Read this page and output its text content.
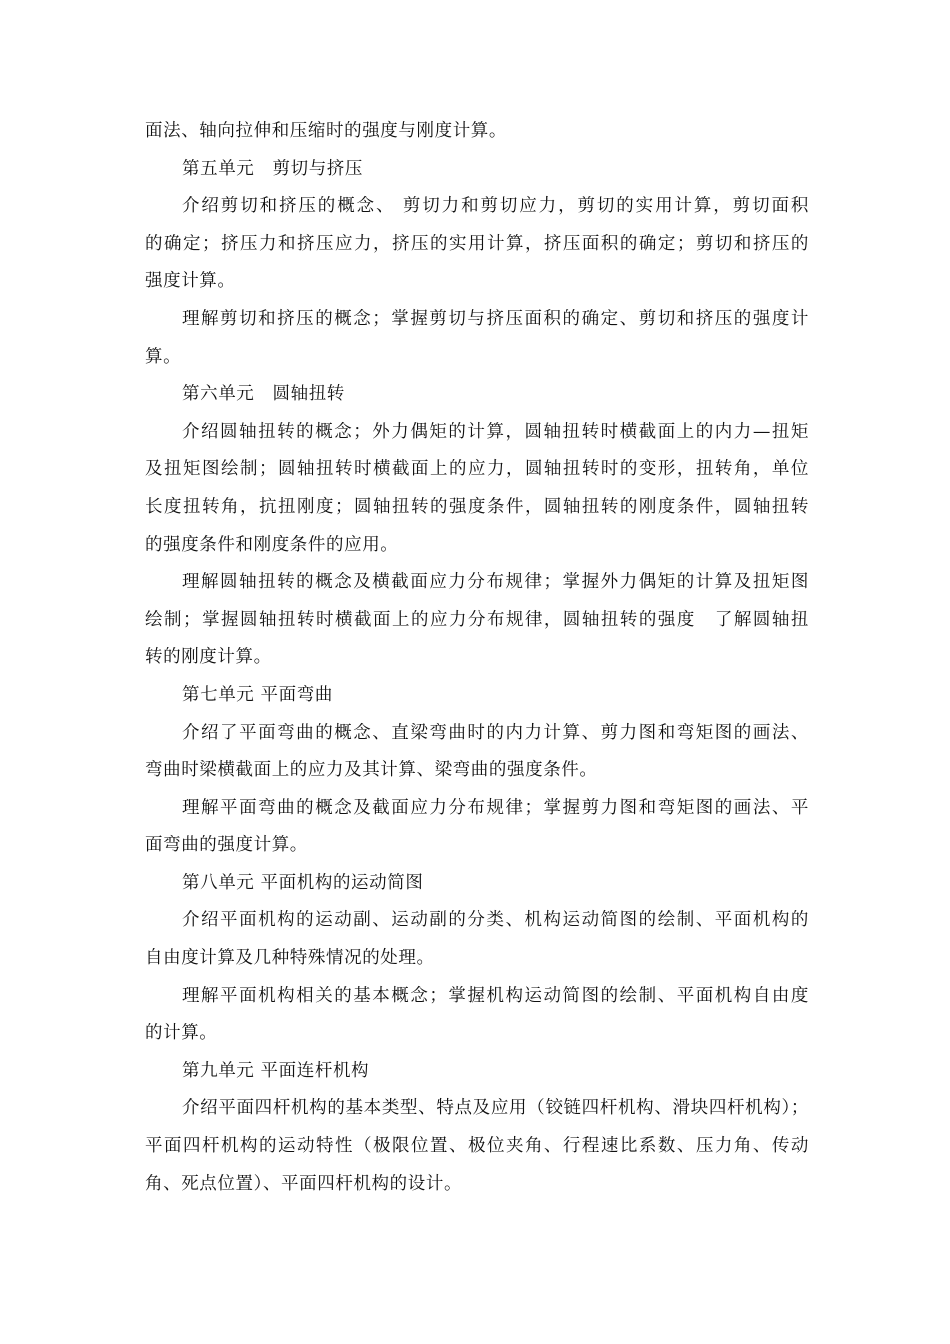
面法、轴向拉伸和压缩时的强度与刚度计算。
第五单元　剪切与挤压
介绍剪切和挤压的概念、 剪切力和剪切应力，剪切的实用计算，剪切面积
的确定；挤压力和挤压应力，挤压的实用计算，挤压面积的确定；剪切和挤压的
强度计算。
理解剪切和挤压的概念；掌握剪切与挤压面积的确定、剪切和挤压的强度计
算。
第六单元　圆轴扭转
介绍圆轴扭转的概念；外力偶矩的计算，圆轴扭转时横截面上的内力—扭矩
及扭矩图绘制；圆轴扭转时横截面上的应力，圆轴扭转时的变形，扭转角，单位
长度扭转角，抗扭刚度；圆轴扭转的强度条件，圆轴扭转的刚度条件，圆轴扭转
的强度条件和刚度条件的应用。
理解圆轴扭转的概念及横截面应力分布规律；掌握外力偶矩的计算及扭矩图
绘制；掌握圆轴扭转时横截面上的应力分布规律，圆轴扭转的强度　了解圆轴扭
转的刚度计算。
第七单元 平面弯曲
介绍了平面弯曲的概念、直梁弯曲时的内力计算、剪力图和弯矩图的画法、
弯曲时梁横截面上的应力及其计算、梁弯曲的强度条件。
理解平面弯曲的概念及截面应力分布规律；掌握剪力图和弯矩图的画法、平
面弯曲的强度计算。
第八单元 平面机构的运动简图
介绍平面机构的运动副、运动副的分类、机构运动简图的绘制、平面机构的
自由度计算及几种特殊情况的处理。
理解平面机构相关的基本概念；掌握机构运动简图的绘制、平面机构自由度
的计算。
第九单元 平面连杆机构
介绍平面四杆机构的基本类型、特点及应用（铰链四杆机构、滑块四杆机构）；
平面四杆机构的运动特性（极限位置、极位夹角、行程速比系数、压力角、传动
角、死点位置）、平面四杆机构的设计。
